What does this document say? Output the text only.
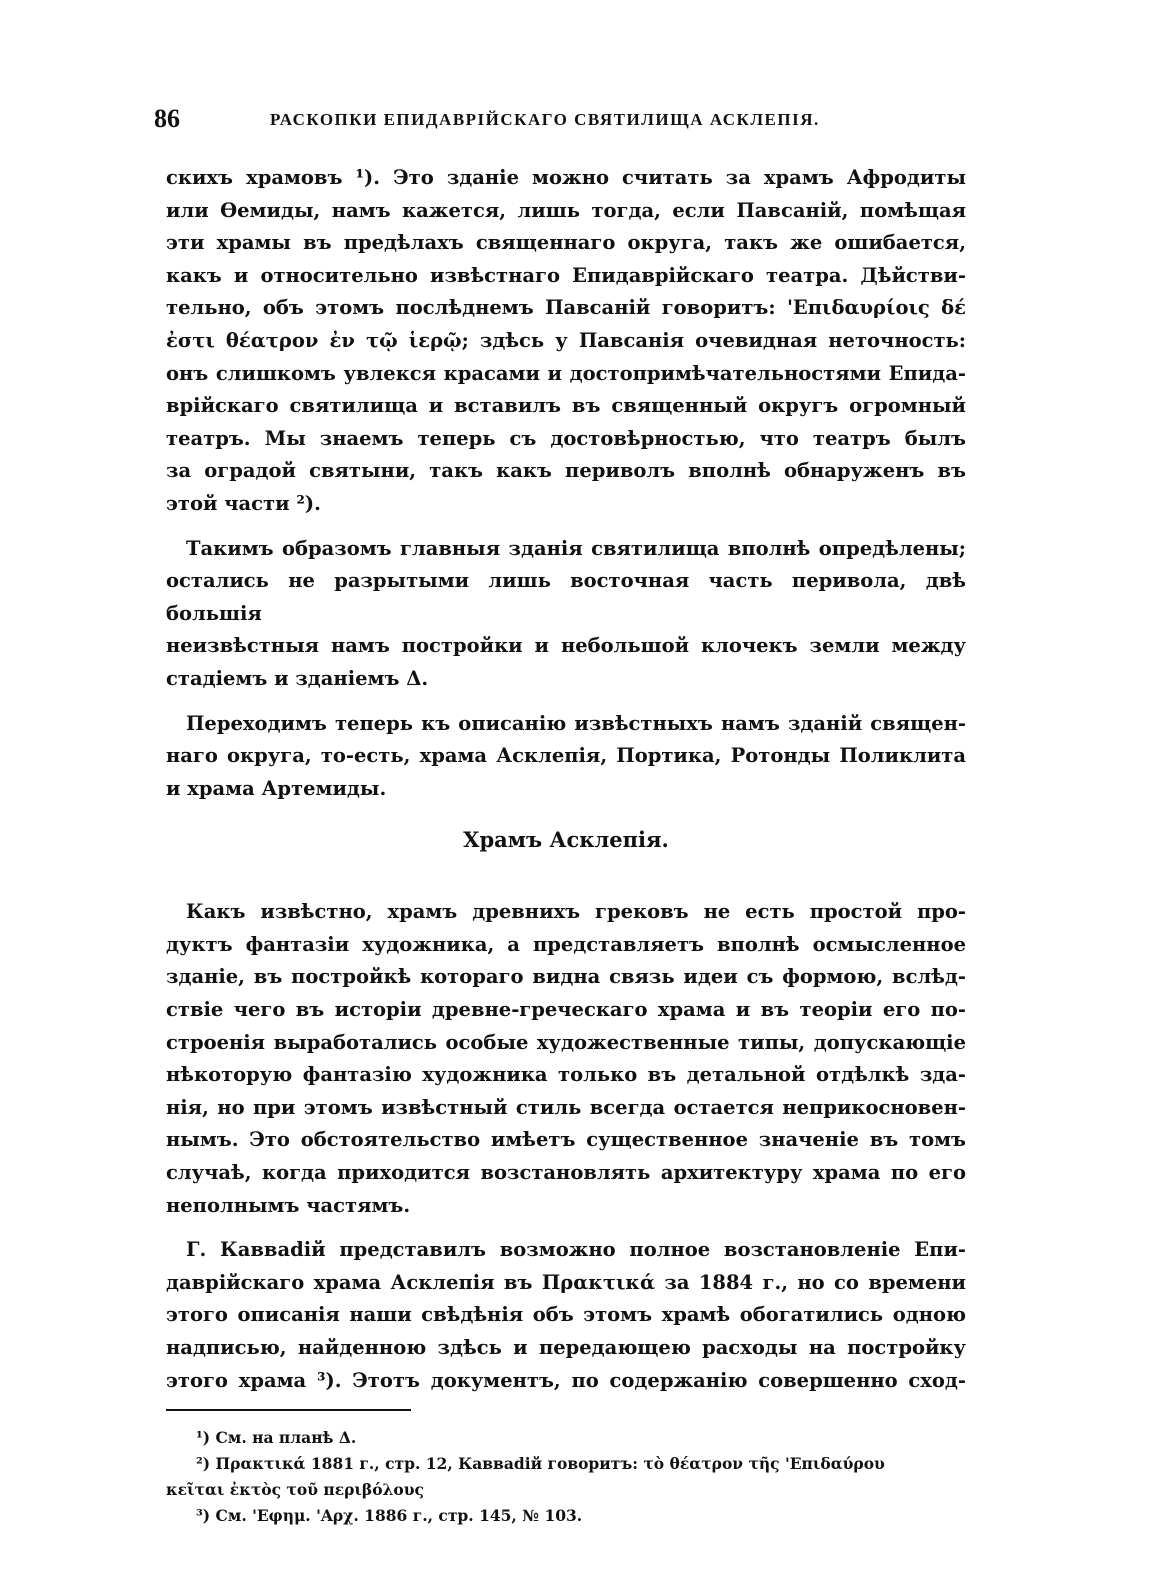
86	РАСКОПКИ ЕПИДАВРІЙСКАГО СВЯТИЛИЩА АСКЛЕПІЯ.

скихъ храмовъ ¹). Это зданіе можно считать за храмъ Афродиты
или Өемиды, намъ кажется, лишь тогда, если Павсаній, помѣщая
эти храмы въ предѣлахъ священнаго округа, такъ же ошибается,
какъ и относительно извѣстнаго Епидаврійскаго театра. Дѣйстви-
тельно, объ этомъ послѣднемъ Павсаній говоритъ: 'Επιδαυρίοις δέ
ἐστι θέατρον ἐν τῷ ἱερῷ; здѣсь у Павсанія очевидная неточность:
онъ слишкомъ увлекся красами и достопримѣчательностями Епида-
врійскаго святилища и вставилъ въ священный округъ огромный
театръ. Мы знаемъ теперь съ достовѣрностью, что театръ былъ
за оградой святыни, такъ какъ периволъ вполнѣ обнаруженъ въ
этой части ²).

Такимъ образомъ главныя зданія святилища вполнѣ опредѣлены;
остались не разрытыми лишь восточная часть перивола, двѣ большія
неизвѣстныя намъ постройки и небольшой клочекъ земли между
стадіемъ и зданіемъ Δ.

Переходимъ теперь къ описанію извѣстныхъ намъ зданій священ-
наго округа, то-есть, храма Асклепія, Портика, Ротонды Поликлита
и храма Артемиды.

Храмъ Асклепія.

Какъ извѣстно, храмъ древнихъ грековъ не есть простой про-
дуктъ фантазіи художника, а представляетъ вполнѣ осмысленное
зданіе, въ постройкѣ котораго видна связь идеи съ формою, вслѣд-
ствіе чего въ исторіи древне-греческаго храма и въ теоріи его по-
строенія выработались особые художественные типы, допускающіе
нѣкоторую фантазію художника только въ детальной отдѣлкѣ зда-
нія, но при этомъ извѣстный стиль всегда остается неприкосновен-
нымъ. Это обстоятельство имѣетъ существенное значеніе въ томъ
случаѣ, когда приходится возстановлять архитектуру храма по его
неполнымъ частямъ.

Г. Кавваdій представилъ возможно полное возстановленіе Епи-
даврійскаго храма Асклепія въ Πρακτικά за 1884 г., но со времени
этого описанія наши свѣдѣнія объ этомъ храмѣ обогатились одною
надписью, найденною здѣсь и передающею расходы на постройку
этого храма ³). Этотъ документъ, по содержанію совершенно сход-

¹) См. на планѣ Δ.
²) Πρακτικά 1881 г., стр. 12, Кавваdій говоритъ: τὸ θέατρον τῆς 'Επιδαύρου
κεῖται ἐκτὸς τοῦ περιβόλους
³) См. 'Εφημ. 'Αρχ. 1886 г., стр. 145, № 103.
